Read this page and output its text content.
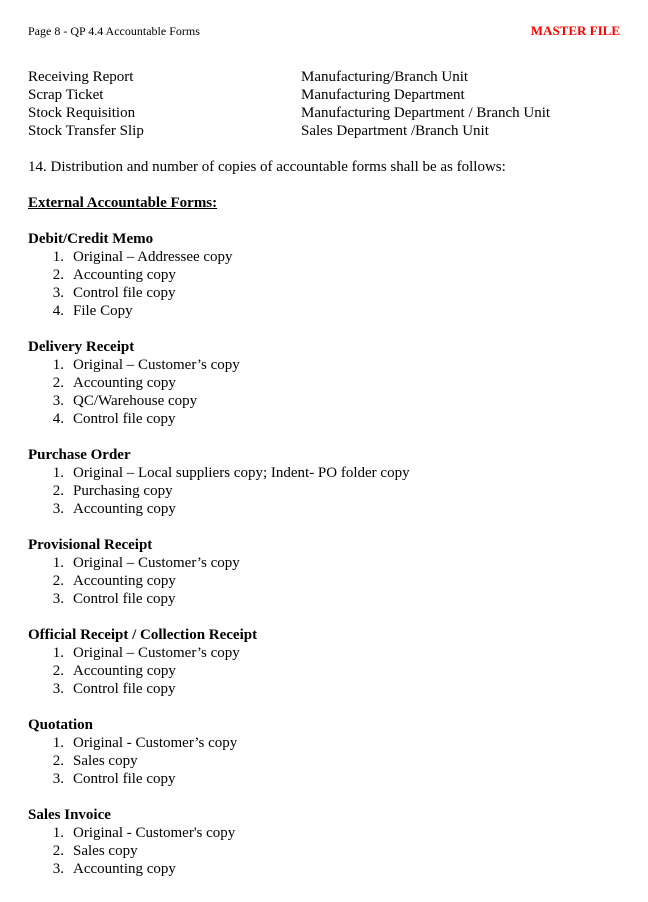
Page 8 - QP 4.4 Accountable Forms	MASTER FILE
Receiving Report	Manufacturing/Branch Unit
Scrap Ticket	Manufacturing Department
Stock Requisition	Manufacturing Department / Branch Unit
Stock Transfer Slip	Sales Department /Branch Unit
14. Distribution and number of copies of accountable forms shall be as follows:
External Accountable Forms:
Debit/Credit Memo
1. Original – Addressee copy
2. Accounting copy
3. Control file copy
4. File Copy
Delivery Receipt
1. Original – Customer’s copy
2. Accounting copy
3. QC/Warehouse copy
4. Control file copy
Purchase Order
1. Original – Local suppliers copy; Indent- PO folder copy
2. Purchasing copy
3. Accounting copy
Provisional Receipt
1. Original – Customer’s copy
2. Accounting copy
3. Control file copy
Official Receipt / Collection Receipt
1. Original – Customer’s copy
2. Accounting copy
3. Control file copy
Quotation
1. Original - Customer’s copy
2. Sales copy
3. Control file copy
Sales Invoice
1. Original - Customer's copy
2. Sales copy
3. Accounting copy
